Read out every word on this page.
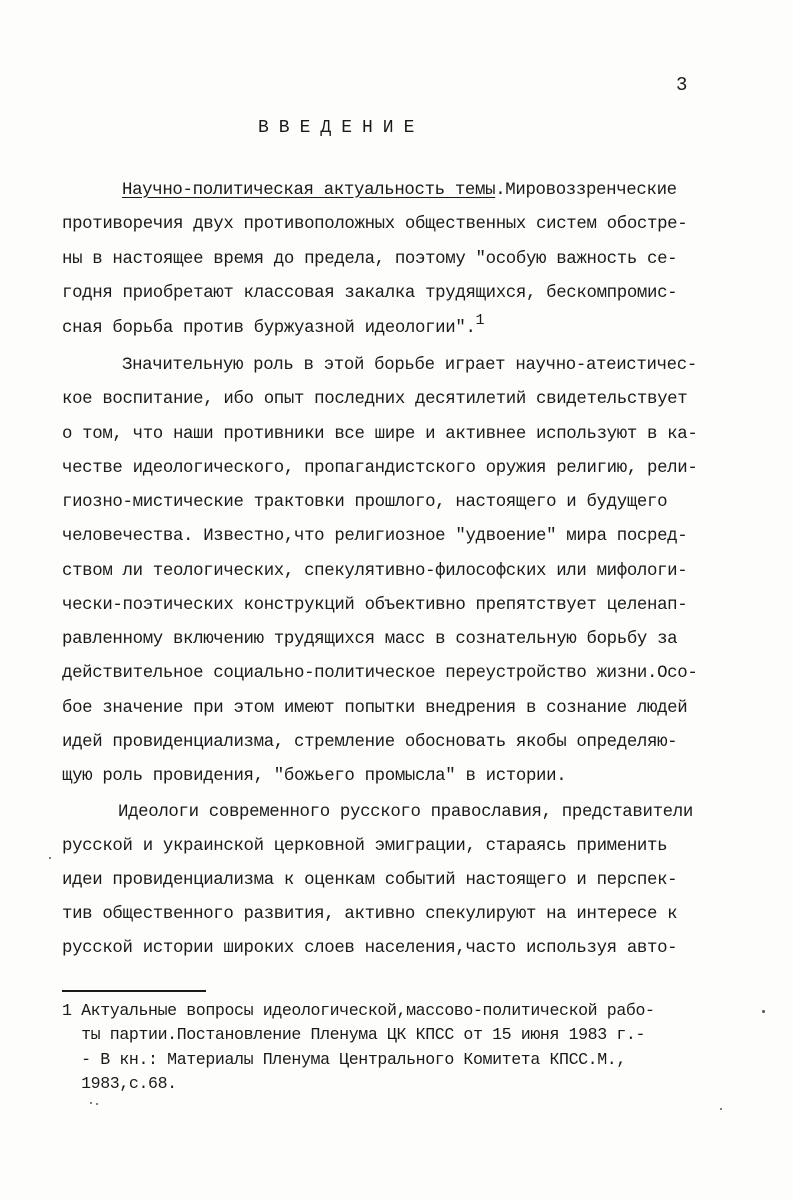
3
ВВЕДЕНИЕ
Научно-политическая актуальность темы.Мировоззренческие
противоречия двух противоположных общественных систем обостре-
ны в настоящее время до предела, поэтому "особую важность се-
годня приобретают классовая закалка трудящихся, бескомпромис-
сная борьба против буржуазной идеологии".1
Значительную роль в этой борьбе играет научно-атеистичес-
кое воспитание, ибо опыт последних десятилетий свидетельствует
о том, что наши противники все шире и активнее используют в ка-
честве идеологического, пропагандистского оружия религию, рели-
гиозно-мистические трактовки прошлого, настоящего и будущего
человечества. Известно,что религиозное "удвоение" мира посред-
ством ли теологических, спекулятивно-философских или мифологи-
чески-поэтических конструкций объективно препятствует целенап-
равленному включению трудящихся масс в сознательную борьбу за
действительное социально-политическое переустройство жизни.Осо-
бое значение при этом имеют попытки внедрения в сознание людей
идей провиденциализма, стремление обосновать якобы определяю-
щую роль провидения, "божьего промысла" в истории.
Идеологи современного русского православия, представители
русской и украинской церковной эмиграции, стараясь применить
идеи провиденциализма к оценкам событий настоящего и перспек-
тив общественного развития, активно спекулируют на интересе к
русской истории широких слоев населения,часто используя авто-
1 Актуальные вопросы идеологической,массово-политической рабо-
ты партии.Постановление Пленума ЦК КПСС от 15 июня 1983 г.-
- В кн.: Материалы Пленума Центрального Комитета КПСС.М.,
1983,с.68.
